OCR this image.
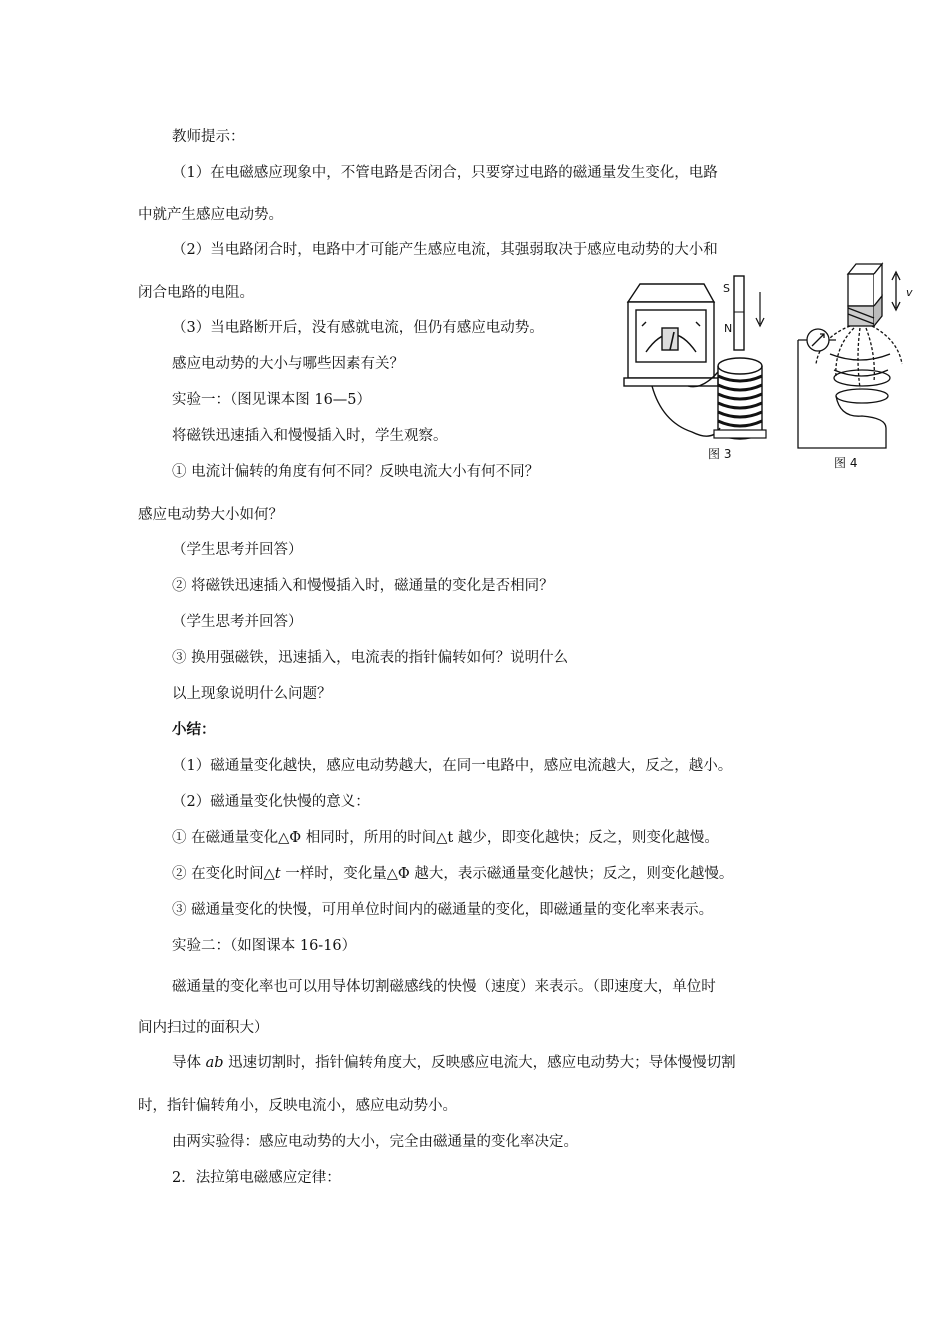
教师提示：
（1）在电磁感应现象中，不管电路是否闭合，只要穿过电路的磁通量发生变化，电路
中就产生感应电动势。
（2）当电路闭合时，电路中才可能产生感应电流，其强弱取决于感应电动势的大小和
闭合电路的电阻。
（3）当电路断开后，没有感就电流，但仍有感应电动势。
感应电动势的大小与哪些因素有关？
实验一：（图见课本图 16—5）
将磁铁迅速插入和慢慢插入时，学生观察。
① 电流计偏转的角度有何不同？反映电流大小有何不同？
感应电动势大小如何？
（学生思考并回答）
② 将磁铁迅速插入和慢慢插入时，磁通量的变化是否相同？
（学生思考并回答）
③ 换用强磁铁，迅速插入，电流表的指针偏转如何？说明什么
以上现象说明什么问题？
小结：
（1）磁通量变化越快，感应电动势越大，在同一电路中，感应电流越大，反之，越小。
（2）磁通量变化快慢的意义：
① 在磁通量变化△Φ 相同时，所用的时间△t 越少，即变化越快；反之，则变化越慢。
② 在变化时间△t 一样时，变化量△Φ 越大，表示磁通量变化越快；反之，则变化越慢。
③ 磁通量变化的快慢，可用单位时间内的磁通量的变化，即磁通量的变化率来表示。
实验二：（如图课本 16-16）
磁通量的变化率也可以用导体切割磁感线的快慢（速度）来表示。（即速度大，单位时
间内扫过的面积大）
导体 ab 迅速切割时，指针偏转角度大，反映感应电流大，感应电动势大；导体慢慢切割
时，指针偏转角小，反映电流小，感应电动势小。
由两实验得：感应电动势的大小，完全由磁通量的变化率决定。
2．法拉第电磁感应定律：
S
N
图 3
v
图 4
